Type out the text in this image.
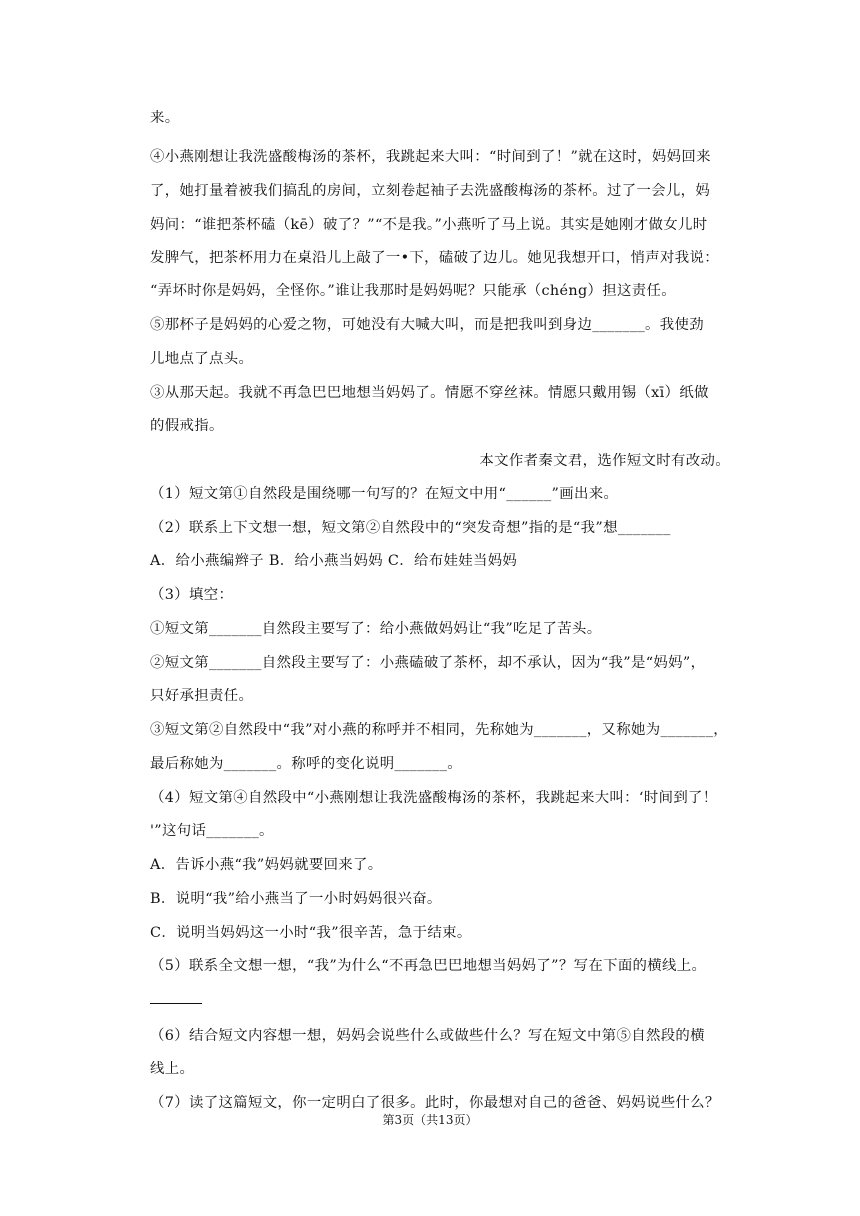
来。
④小燕刚想让我洗盛酸梅汤的茶杯，我跳起来大叫：“时间到了！”就在这时，妈妈回来
了，她打量着被我们搞乱的房间，立刻卷起袖子去洗盛酸梅汤的茶杯。过了一会儿，妈
妈问：“谁把茶杯磕（kē）破了？”“不是我。”小燕听了马上说。其实是她刚才做女儿时
发脾气，把茶杯用力在桌沿儿上敲了一•下，磕破了边儿。她见我想开口，悄声对我说：
“弄坏时你是妈妈，全怪你。”谁让我那时是妈妈呢？只能承（chéng）担这责任。
⑤那杯子是妈妈的心爱之物，可她没有大喊大叫，而是把我叫到身边_______。我使劲
儿地点了点头。
③从那天起。我就不再急巴巴地想当妈妈了。情愿不穿丝袜。情愿只戴用锡（xī）纸做
的假戒指。
本文作者秦文君，选作短文时有改动。
（1）短文第①自然段是围绕哪一句写的？在短文中用“______”画出来。
（2）联系上下文想一想，短文第②自然段中的“突发奇想”指的是“我”想_______
A．给小燕编辫子 B．给小燕当妈妈 C．给布娃娃当妈妈
（3）填空：
①短文第_______自然段主要写了：给小燕做妈妈让“我”吃足了苦头。
②短文第_______自然段主要写了：小燕磕破了茶杯，却不承认，因为“我”是“妈妈”，
只好承担责任。
③短文第②自然段中“我”对小燕的称呼并不相同，先称她为_______，又称她为_______，
最后称她为_______。称呼的变化说明_______。
（4）短文第④自然段中“小燕刚想让我洗盛酸梅汤的茶杯，我跳起来大叫：‘时间到了！
'”这句话_______。
A．告诉小燕“我”妈妈就要回来了。
B．说明“我”给小燕当了一小时妈妈很兴奋。
C．说明当妈妈这一小时“我”很辛苦，急于结束。
（5）联系全文想一想，“我”为什么“不再急巴巴地想当妈妈了”？写在下面的横线上。
（6）结合短文内容想一想，妈妈会说些什么或做些什么？写在短文中第⑤自然段的横
线上。
（7）读了这篇短文，你一定明白了很多。此时，你最想对自己的爸爸、妈妈说些什么？
第3页（共13页）
